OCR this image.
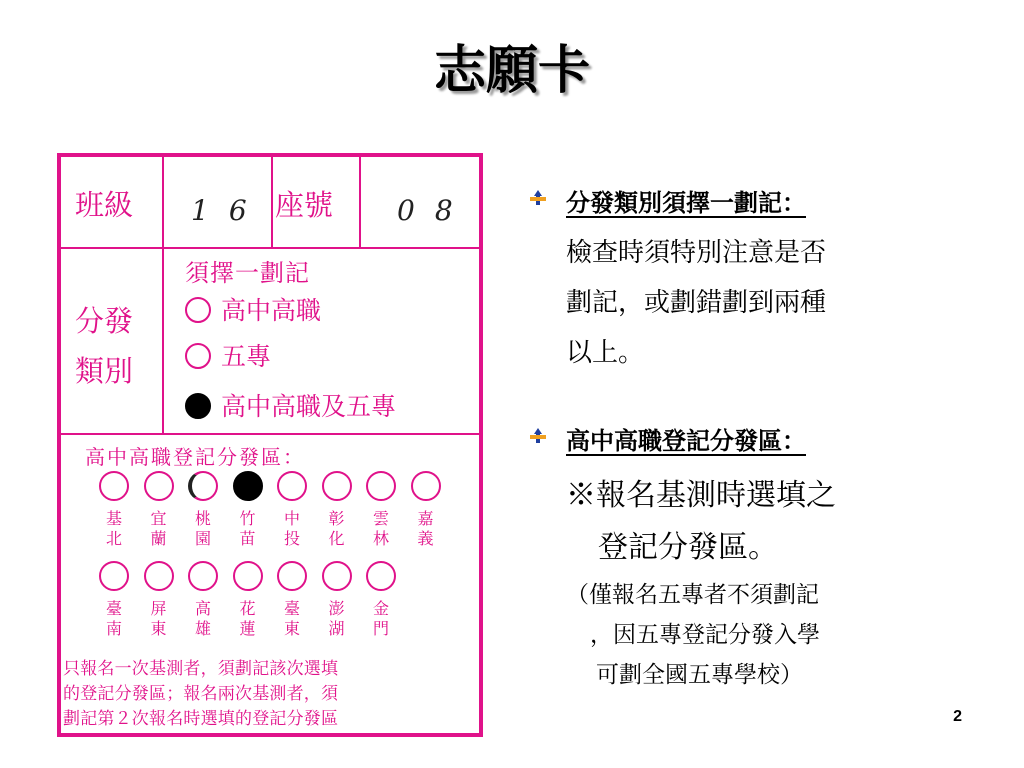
志願卡
班級 16 座號 08
分發
類別
須擇一劃記
高中高職
五專
高中高職及五專
高中高職登記分發區：
基
北
宜
蘭
桃
園
竹
苗
中
投
彰
化
雲
林
嘉
義
臺
南
屏
東
高
雄
花
蓮
臺
東
澎
湖
金
門
只報名一次基測者，須劃記該次選填
的登記分發區；報名兩次基測者，須
劃記第２次報名時選填的登記分發區
分發類別須擇一劃記：
檢查時須特別注意是否
劃記，或劃錯劃到兩種
以上。
高中高職登記分發區：
※報名基測時選填之
登記分發區。
（僅報名五專者不須劃記
，因五專登記分發入學
可劃全國五專學校）
2
